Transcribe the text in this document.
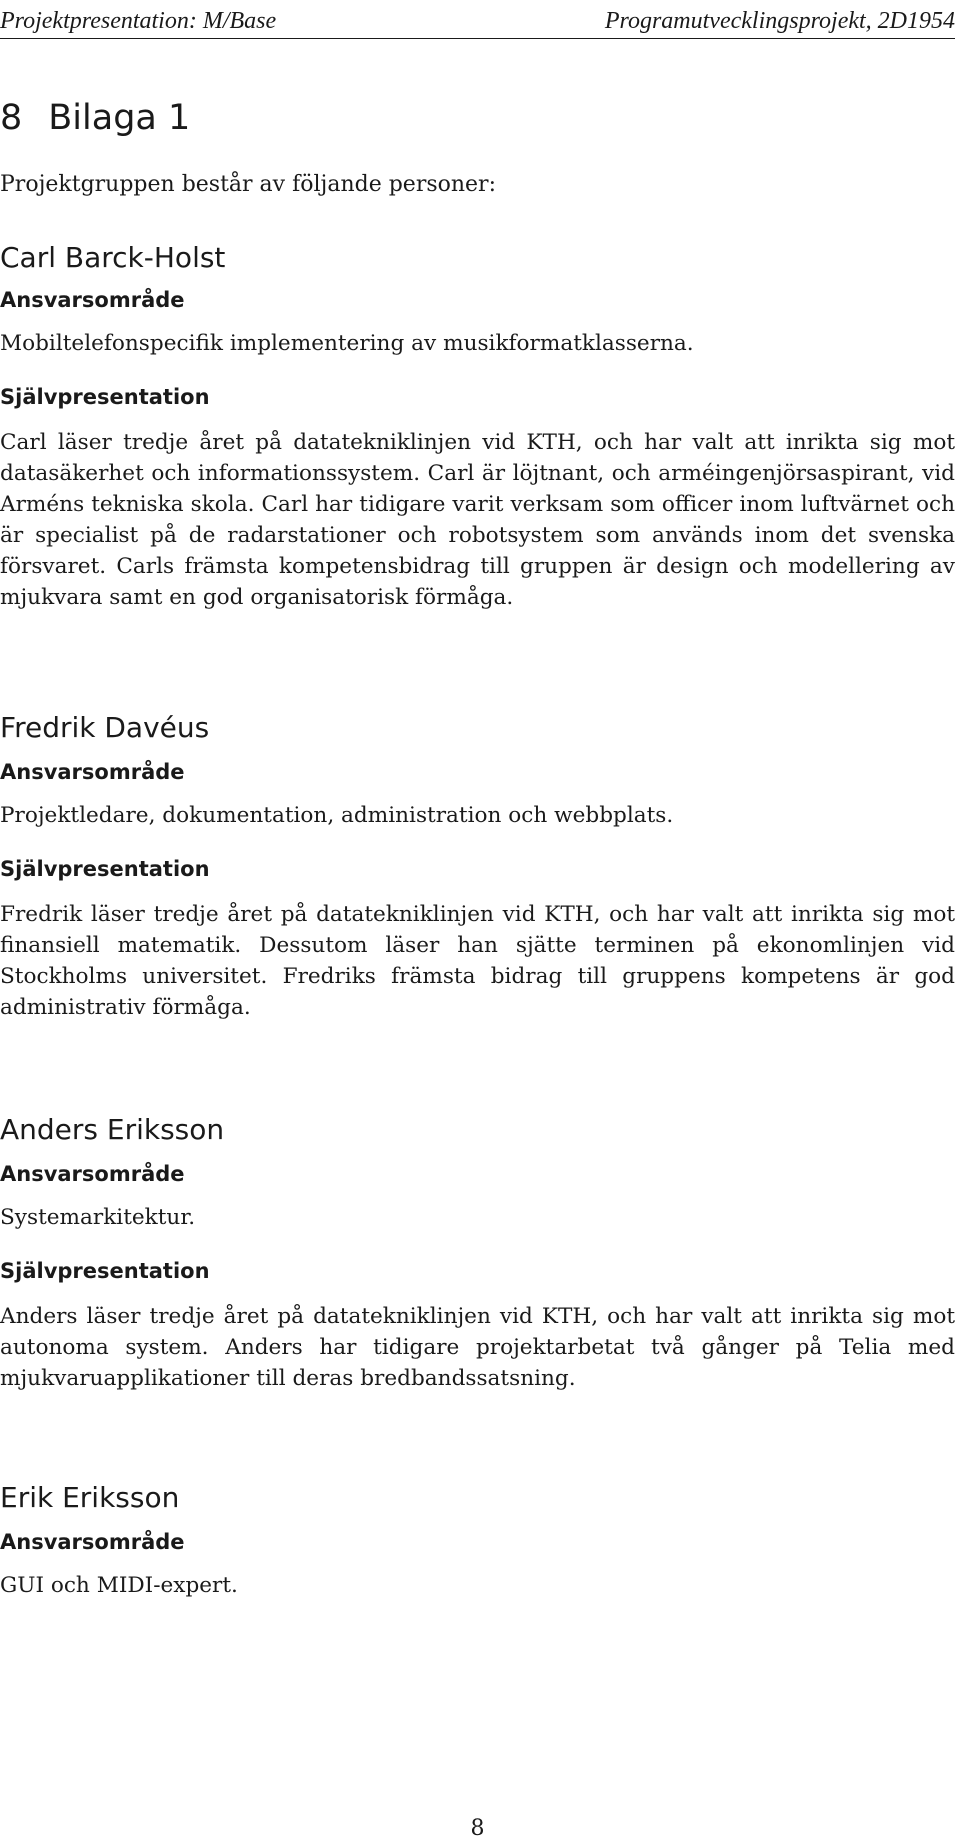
Projektpresentation: M/Base	Programutvecklingsprojekt, 2D1954
8 Bilaga 1

Projektgruppen består av följande personer:

Carl Barck-Holst
Ansvarsområde

Mobiltelefonspecifik implementering av musikformatklasserna.

Självpresentation

Carl läser tredje året på datatekniklinjen vid KTH, och har valt att inrikta sig mot datasäkerhet och informationssystem. Carl är löjtnant, och arméingenjörsaspirant, vid Arméns tekniska skola. Carl har tidigare varit verksam som officer inom luftvärnet och är specialist på de radarstationer och robotsystem som används inom det svenska försvaret. Carls främsta kompetensbidrag till gruppen är design och modellering av mjukvara samt en god organisatorisk förmåga.

Fredrik Davéus
Ansvarsområde

Projektledare, dokumentation, administration och webbplats.

Självpresentation

Fredrik läser tredje året på datatekniklinjen vid KTH, och har valt att inrikta sig mot finansiell matematik. Dessutom läser han sjätte terminen på ekonomlinjen vid Stockholms universitet. Fredriks främsta bidrag till gruppens kompetens är god administrativ förmåga.

Anders Eriksson
Ansvarsområde

Systemarkitektur.

Självpresentation

Anders läser tredje året på datatekniklinjen vid KTH, och har valt att inrikta sig mot autonoma system. Anders har tidigare projektarbetat två gånger på Telia med mjukvaruapplikationer till deras bredbandssatsning.

Erik Eriksson
Ansvarsområde

GUI och MIDI-expert.

8
